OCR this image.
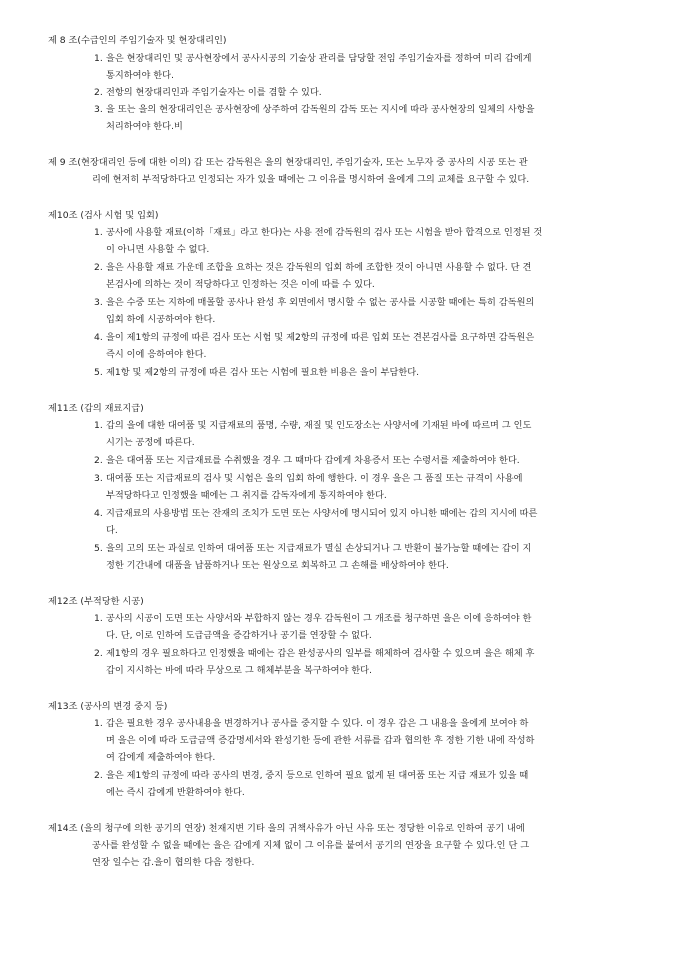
제 8 조(수급인의 주임기술자 및 현장대리인)
1. 을은 현장대리인 및 공사현장에서 공사시공의 기술상 관리를 담당할 전임 주임기술자를 정하여 미리 갑에게
통지하여야 한다.
2. 전항의 현장대리인과 주임기술자는 이를 겸할 수 있다.
3. 을 또는 을의 현장대리인은 공사현장에 상주하여 감독원의 감독 또는 지시에 따라 공사현장의 일체의 사항을
처리하여야 한다.비
제 9 조(현장대리인 등에 대한 이의) 갑 또는 감독원은 을의 현장대리인, 주임기술자, 또는 노무자 중 공사의 시공 또는 관
리에 현저히 부적당하다고 인정되는 자가 있을 때에는 그 이유를 명시하여 을에게 그의 교체를 요구할 수 있다.
제10조 (검사 시험 및 입회)
1. 공사에 사용할 재료(이하「재료」라고 한다)는 사용 전에 감독원의 검사 또는 시험을 받아 합격으로 인정된 것
이 아니면 사용할 수 없다.
2. 을은 사용할 재료 가운데 조합을 요하는 것은 감독원의 입회 하에 조합한 것이 아니면 사용할 수 없다. 단 견
본검사에 의하는 것이 적당하다고 인정하는 것은 이에 따를 수 있다.
3. 을은 수중 또는 지하에 매몰할 공사나 완성 후 외면에서 명시할 수 없는 공사를 시공할 때에는 특히 감독원의
입회 하에 시공하여야 한다.
4. 을이 제1항의 규정에 따른 검사 또는 시험 및 제2항의 규정에 따른 입회 또는 견본검사를 요구하면 감독원은
즉시 이에 응하여야 한다.
5. 제1항 및 제2항의 규정에 따른 검사 또는 시험에 필요한 비용은 을이 부담한다.
제11조 (갑의 재료지급)
1. 갑의 을에 대한 대여품 및 지급재료의 품명, 수량, 재질 및 인도장소는 사양서에 기재된 바에 따르며 그 인도
시기는 공정에 따른다.
2. 을은 대여품 또는 지급재료를 수취했을 경우 그 때마다 갑에게 차용증서 또는 수령서를 제출하여야 한다.
3. 대여품 또는 지급재료의 검사 및 시험은 을의 입회 하에 행한다. 이 경우 을은 그 품질 또는 규격이 사용에
부적당하다고 인정했을 때에는 그 취지를 감독자에게 통지하여야 한다.
4. 지급재료의 사용방법 또는 잔재의 조치가 도면 또는 사양서에 명시되어 있지 아니한 때에는 갑의 지시에 따른
다.
5. 을의 고의 또는 과실로 인하여 대여품 또는 지급재료가 멸실 손상되거나 그 반환이 불가능할 때에는 갑이 지
정한 기간내에 대품을 납품하거나 또는 원상으로 회복하고 그 손해를 배상하여야 한다.
제12조 (부적당한 시공)
1. 공사의 시공이 도면 또는 사양서와 부합하지 않는 경우 감독원이 그 개조를 청구하면 을은 이에 응하여야 한
다. 단, 이로 인하여 도급금액을 증감하거나 공기를 연장할 수 없다.
2. 제1항의 경우 필요하다고 인정했을 때에는 갑은 완성공사의 일부를 해체하여 검사할 수 있으며 을은 해체 후
갑이 지시하는 바에 따라 무상으로 그 해체부분을 복구하여야 한다.
제13조 (공사의 변경 중지 등)
1. 갑은 필요한 경우 공사내용을 변경하거나 공사를 중지할 수 있다. 이 경우 갑은 그 내용을 을에게 보여야 하
며 을은 이에 따라 도급금액 증감명세서와 완성기한 등에 관한 서류를 갑과 협의한 후 정한 기한 내에 작성하
여 갑에게 제출하여야 한다.
2. 을은 제1항의 규정에 따라 공사의 변경, 중지 등으로 인하여 필요 없게 된 대여품 또는 지급 재료가 있을 때
에는 즉시 갑에게 반환하여야 한다.
제14조 (을의 청구에 의한 공기의 연장) 천재지변 기타 을의 귀책사유가 아닌 사유 또는 정당한 이유로 인하여 공기 내에
공사를 완성할 수 없을 때에는 을은 갑에게 지체 없이 그 이유를 붙여서 공기의 연장을 요구할 수 있다.인 단 그
연장 일수는 갑.을이 협의한 다음 정한다.
